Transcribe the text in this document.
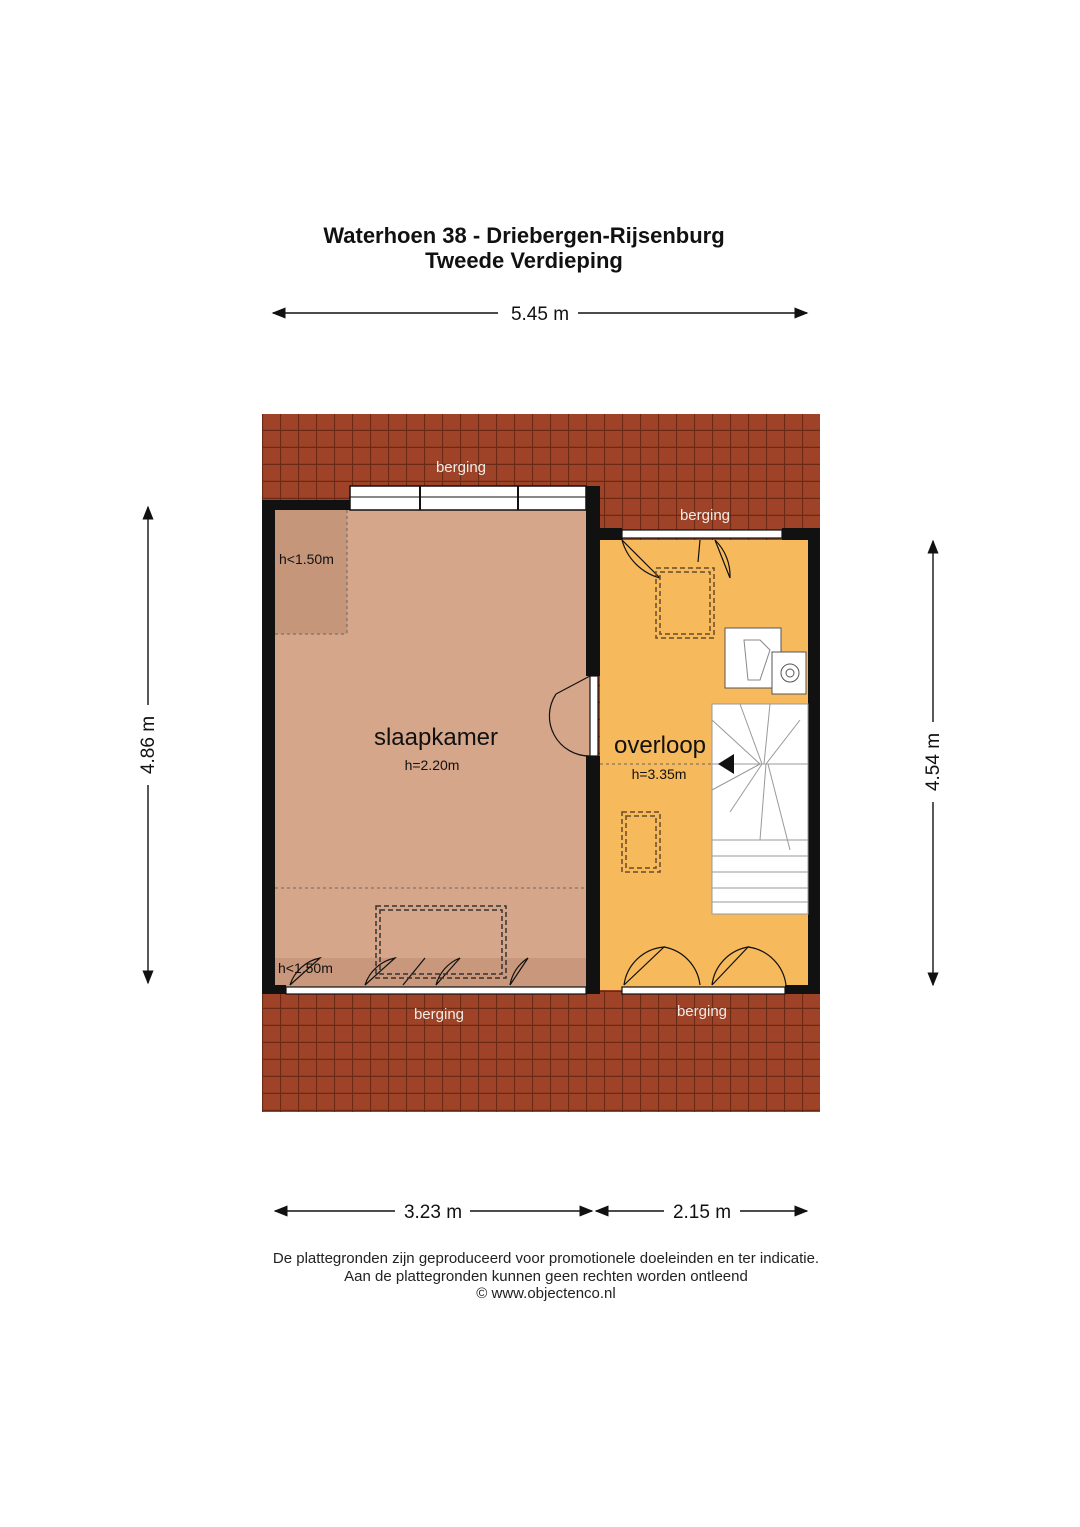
Waterhoen 38 - Driebergen-Rijsenburg
Tweede Verdieping
5.45 m
berging
berging
berging	berging
h<1.50m
h<1.50m
slaapkamer
h=2.20m
overloop
h=3.35m
4.86 m	4.54 m
3.23 m	2.15 m
De plattegronden zijn geproduceerd voor promotionele doeleinden en ter indicatie.
Aan de plattegronden kunnen geen rechten worden ontleend
© www.objectenco.nl
